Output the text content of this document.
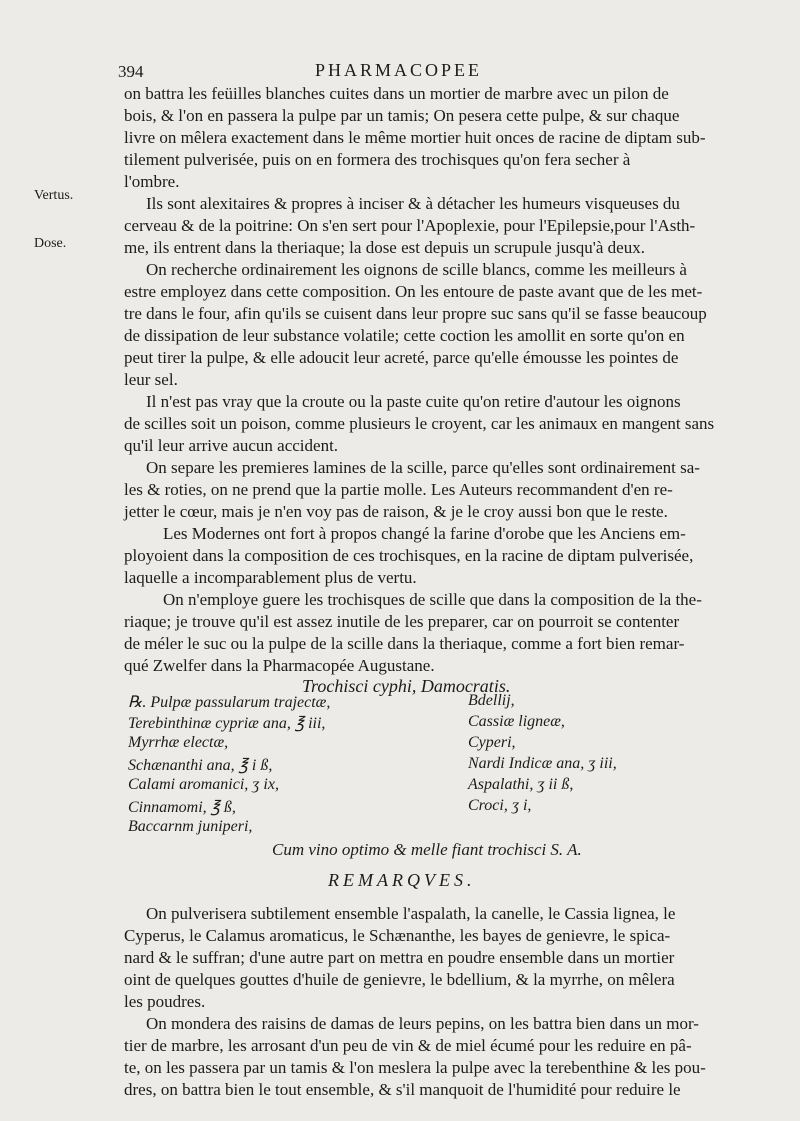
394	PHARMACOPEE
Vertus.
Dose.
on battra les feüilles blanches cuites dans un mortier de marbre avec un pilon de
bois, & l'on en passera la pulpe par un tamis; On pesera cette pulpe, & sur chaque
livre on mêlera exactement dans le même mortier huit onces de racine de diptam sub-
tilement pulverisée, puis on en formera des trochisques qu'on fera secher à
l'ombre.
Ils sont alexitaires & propres à inciser & à détacher les humeurs visqueuses du
cerveau & de la poitrine: On s'en sert pour l'Apoplexie, pour l'Epilepsie,pour l'Asth-
me, ils entrent dans la theriaque; la dose est depuis un scrupule jusqu'à deux.
On recherche ordinairement les oignons de scille blancs, comme les meilleurs à
estre employez dans cette composition. On les entoure de paste avant que de les met-
tre dans le four, afin qu'ils se cuisent dans leur propre suc sans qu'il se fasse beaucoup
de dissipation de leur substance volatile; cette coction les amollit en sorte qu'on en
peut tirer la pulpe, & elle adoucit leur acreté, parce qu'elle émousse les pointes de
leur sel.
Il n'est pas vray que la croute ou la paste cuite qu'on retire d'autour les oignons
de scilles soit un poison, comme plusieurs le croyent, car les animaux en mangent sans
qu'il leur arrive aucun accident.
On separe les premieres lamines de la scille, parce qu'elles sont ordinairement sa-
les & roties, on ne prend que la partie molle. Les Auteurs recommandent d'en re-
jetter le cœur, mais je n'en voy pas de raison, & je le croy aussi bon que le reste.
Les Modernes ont fort à propos changé la farine d'orobe que les Anciens em-
ployoient dans la composition de ces trochisques, en la racine de diptam pulverisée,
laquelle a incomparablement plus de vertu.
On n'employe guere les trochisques de scille que dans la composition de la the-
riaque; je trouve qu'il est assez inutile de les preparer, car on pourroit se contenter
de méler le suc ou la pulpe de la scille dans la theriaque, comme a fort bien remar-
qué Zwelfer dans la Pharmacopée Augustane.
Trochisci cyphi, Damocratis.
℞. Pulpæ passularum trajectæ,
Terebinthinæ cypriæ ana, ℥ iii,
Myrrhæ electæ,
Schænanthi ana, ℥ i ß,
Calami aromanici, ʒ ix,
Cinnamomi, ℥ ß,
Baccarnm juniperi,
Bdellij,
Cassiæ ligneæ,
Cyperi,
Nardi Indicæ ana, ʒ iii,
Aspalathi, ʒ ii ß,
Croci, ʒ i,
Cum vino optimo & melle fiant trochisci S. A.
REMARQVES.
On pulverisera subtilement ensemble l'aspalath, la canelle, le Cassia lignea, le
Cyperus, le Calamus aromaticus, le Schænanthe, les bayes de genievre, le spica-
nard & le suffran; d'une autre part on mettra en poudre ensemble dans un mortier
oint de quelques gouttes d'huile de genievre, le bdellium, & la myrrhe, on mêlera
les poudres.
On mondera des raisins de damas de leurs pepins, on les battra bien dans un mor-
tier de marbre, les arrosant d'un peu de vin & de miel écumé pour les reduire en pâ-
te, on les passera par un tamis & l'on meslera la pulpe avec la terebenthine & les pou-
dres, on battra bien le tout ensemble, & s'il manquoit de l'humidité pour reduire le
